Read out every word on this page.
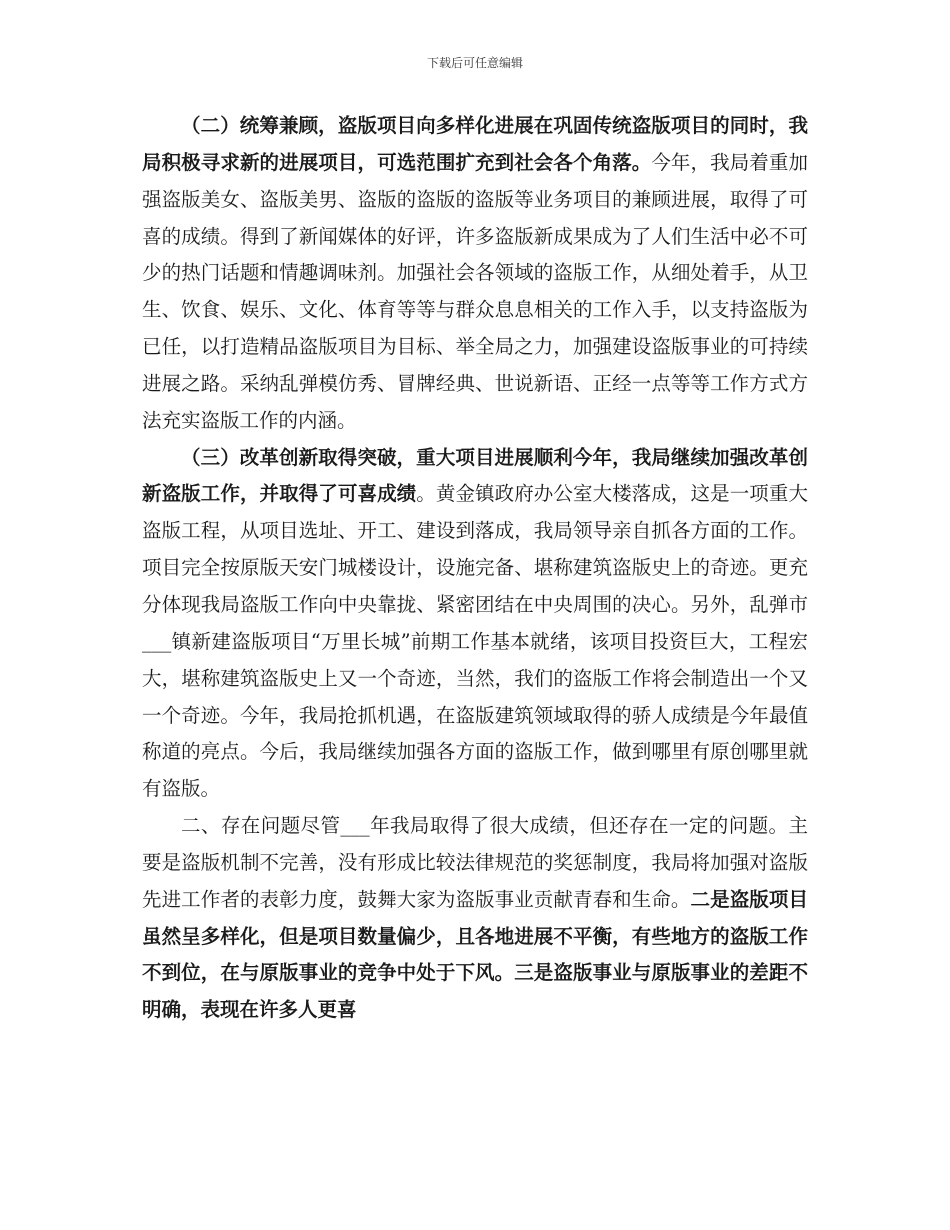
下载后可任意编辑

（二）统筹兼顾，盗版项目向多样化进展在巩固传统盗版项目的同时，我局积极寻求新的进展项目，可选范围扩充到社会各个角落。今年，我局着重加强盗版美女、盗版美男、盗版的盗版的盗版等业务项目的兼顾进展，取得了可喜的成绩。得到了新闻媒体的好评，许多盗版新成果成为了人们生活中必不可少的热门话题和情趣调味剂。加强社会各领域的盗版工作，从细处着手，从卫生、饮食、娱乐、文化、体育等等与群众息息相关的工作入手，以支持盗版为已任，以打造精品盗版项目为目标、举全局之力，加强建设盗版事业的可持续进展之路。采纳乱弹模仿秀、冒牌经典、世说新语、正经一点等等工作方式方法充实盗版工作的内涵。

（三）改革创新取得突破，重大项目进展顺利今年，我局继续加强改革创新盗版工作，并取得了可喜成绩。黄金镇政府办公室大楼落成，这是一项重大盗版工程，从项目选址、开工、建设到落成，我局领导亲自抓各方面的工作。项目完全按原版天安门城楼设计，设施完备、堪称建筑盗版史上的奇迹。更充分体现我局盗版工作向中央靠拢、紧密团结在中央周围的决心。另外，乱弹市___镇新建盗版项目“万里长城”前期工作基本就绪，该项目投资巨大，工程宏大，堪称建筑盗版史上又一个奇迹，当然，我们的盗版工作将会制造出一个又一个奇迹。今年，我局抢抓机遇，在盗版建筑领域取得的骄人成绩是今年最值称道的亮点。今后，我局继续加强各方面的盗版工作，做到哪里有原创哪里就有盗版。

二、存在问题尽管___年我局取得了很大成绩，但还存在一定的问题。主要是盗版机制不完善，没有形成比较法律规范的奖惩制度，我局将加强对盗版先进工作者的表彰力度，鼓舞大家为盗版事业贡献青春和生命。二是盗版项目虽然呈多样化，但是项目数量偏少，且各地进展不平衡，有些地方的盗版工作不到位，在与原版事业的竞争中处于下风。三是盗版事业与原版事业的差距不明确，表现在许多人更喜
